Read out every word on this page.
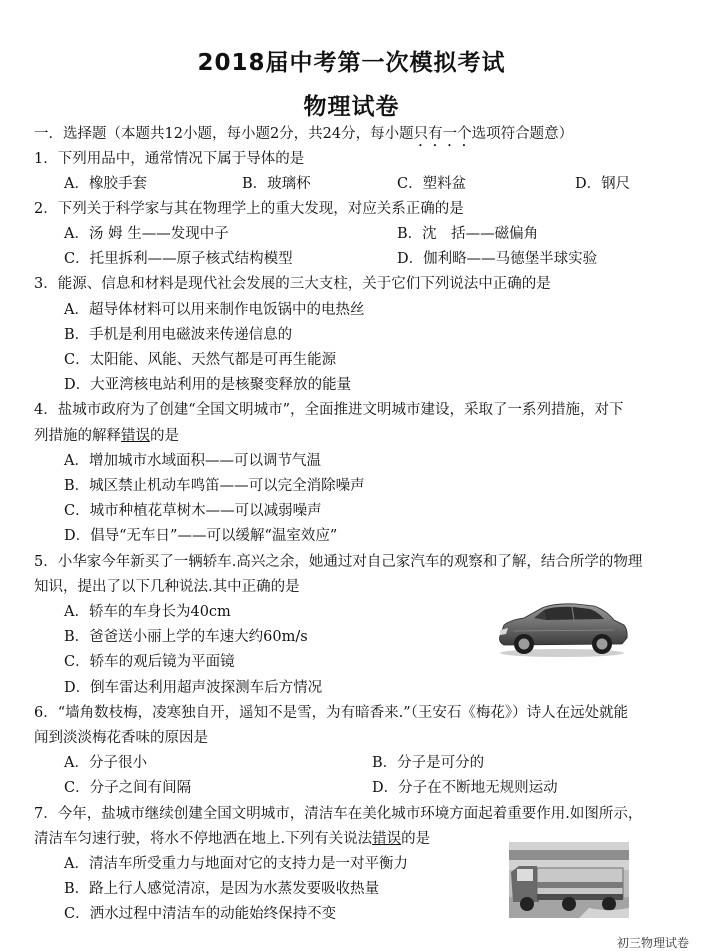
2018届中考第一次模拟考试
物理试卷
一．选择题（本题共12小题，每小题2分，共24分，每小题只有一个选项符合题意）
1．下列用品中，通常情况下属于导体的是
A．橡胶手套	B．玻璃杯	C．塑料盆	D．钢尺
2．下列关于科学家与其在物理学上的重大发现，对应关系正确的是
A．汤 姆 生——发现中子	B．沈　括——磁偏角
C．托里拆利——原子核式结构模型	D．伽利略——马德堡半球实验
3．能源、信息和材料是现代社会发展的三大支柱，关于它们下列说法中正确的是
A．超导体材料可以用来制作电饭锅中的电热丝
B．手机是利用电磁波来传递信息的
C．太阳能、风能、天然气都是可再生能源
D．大亚湾核电站利用的是核聚变释放的能量
4．盐城市政府为了创建“全国文明城市”，全面推进文明城市建设，采取了一系列措施，对下
列措施的解释错误的是
A．增加城市水域面积——可以调节气温
B．城区禁止机动车鸣笛——可以完全消除噪声
C．城市种植花草树木——可以减弱噪声
D．倡导“无车日”——可以缓解“温室效应”
5．小华家今年新买了一辆轿车.高兴之余，她通过对自己家汽车的观察和了解，结合所学的物理
知识，提出了以下几种说法.其中正确的是
A．轿车的车身长为40cm
B．爸爸送小丽上学的车速大约60m/s
C．轿车的观后镜为平面镜
D．倒车雷达利用超声波探测车后方情况
6．“墙角数枝梅，凌寒独自开，遥知不是雪，为有暗香来.”（王安石《梅花》）诗人在远处就能
闻到淡淡梅花香味的原因是
A．分子很小	B．分子是可分的
C．分子之间有间隔	D．分子在不断地无规则运动
7．今年，盐城市继续创建全国文明城市，清洁车在美化城市环境方面起着重要作用.如图所示，
清洁车匀速行驶，将水不停地洒在地上.下列有关说法错误的是
A．清洁车所受重力与地面对它的支持力是一对平衡力
B．路上行人感觉清凉，是因为水蒸发要吸收热量
C．洒水过程中清洁车的动能始终保持不变
初三物理试卷
